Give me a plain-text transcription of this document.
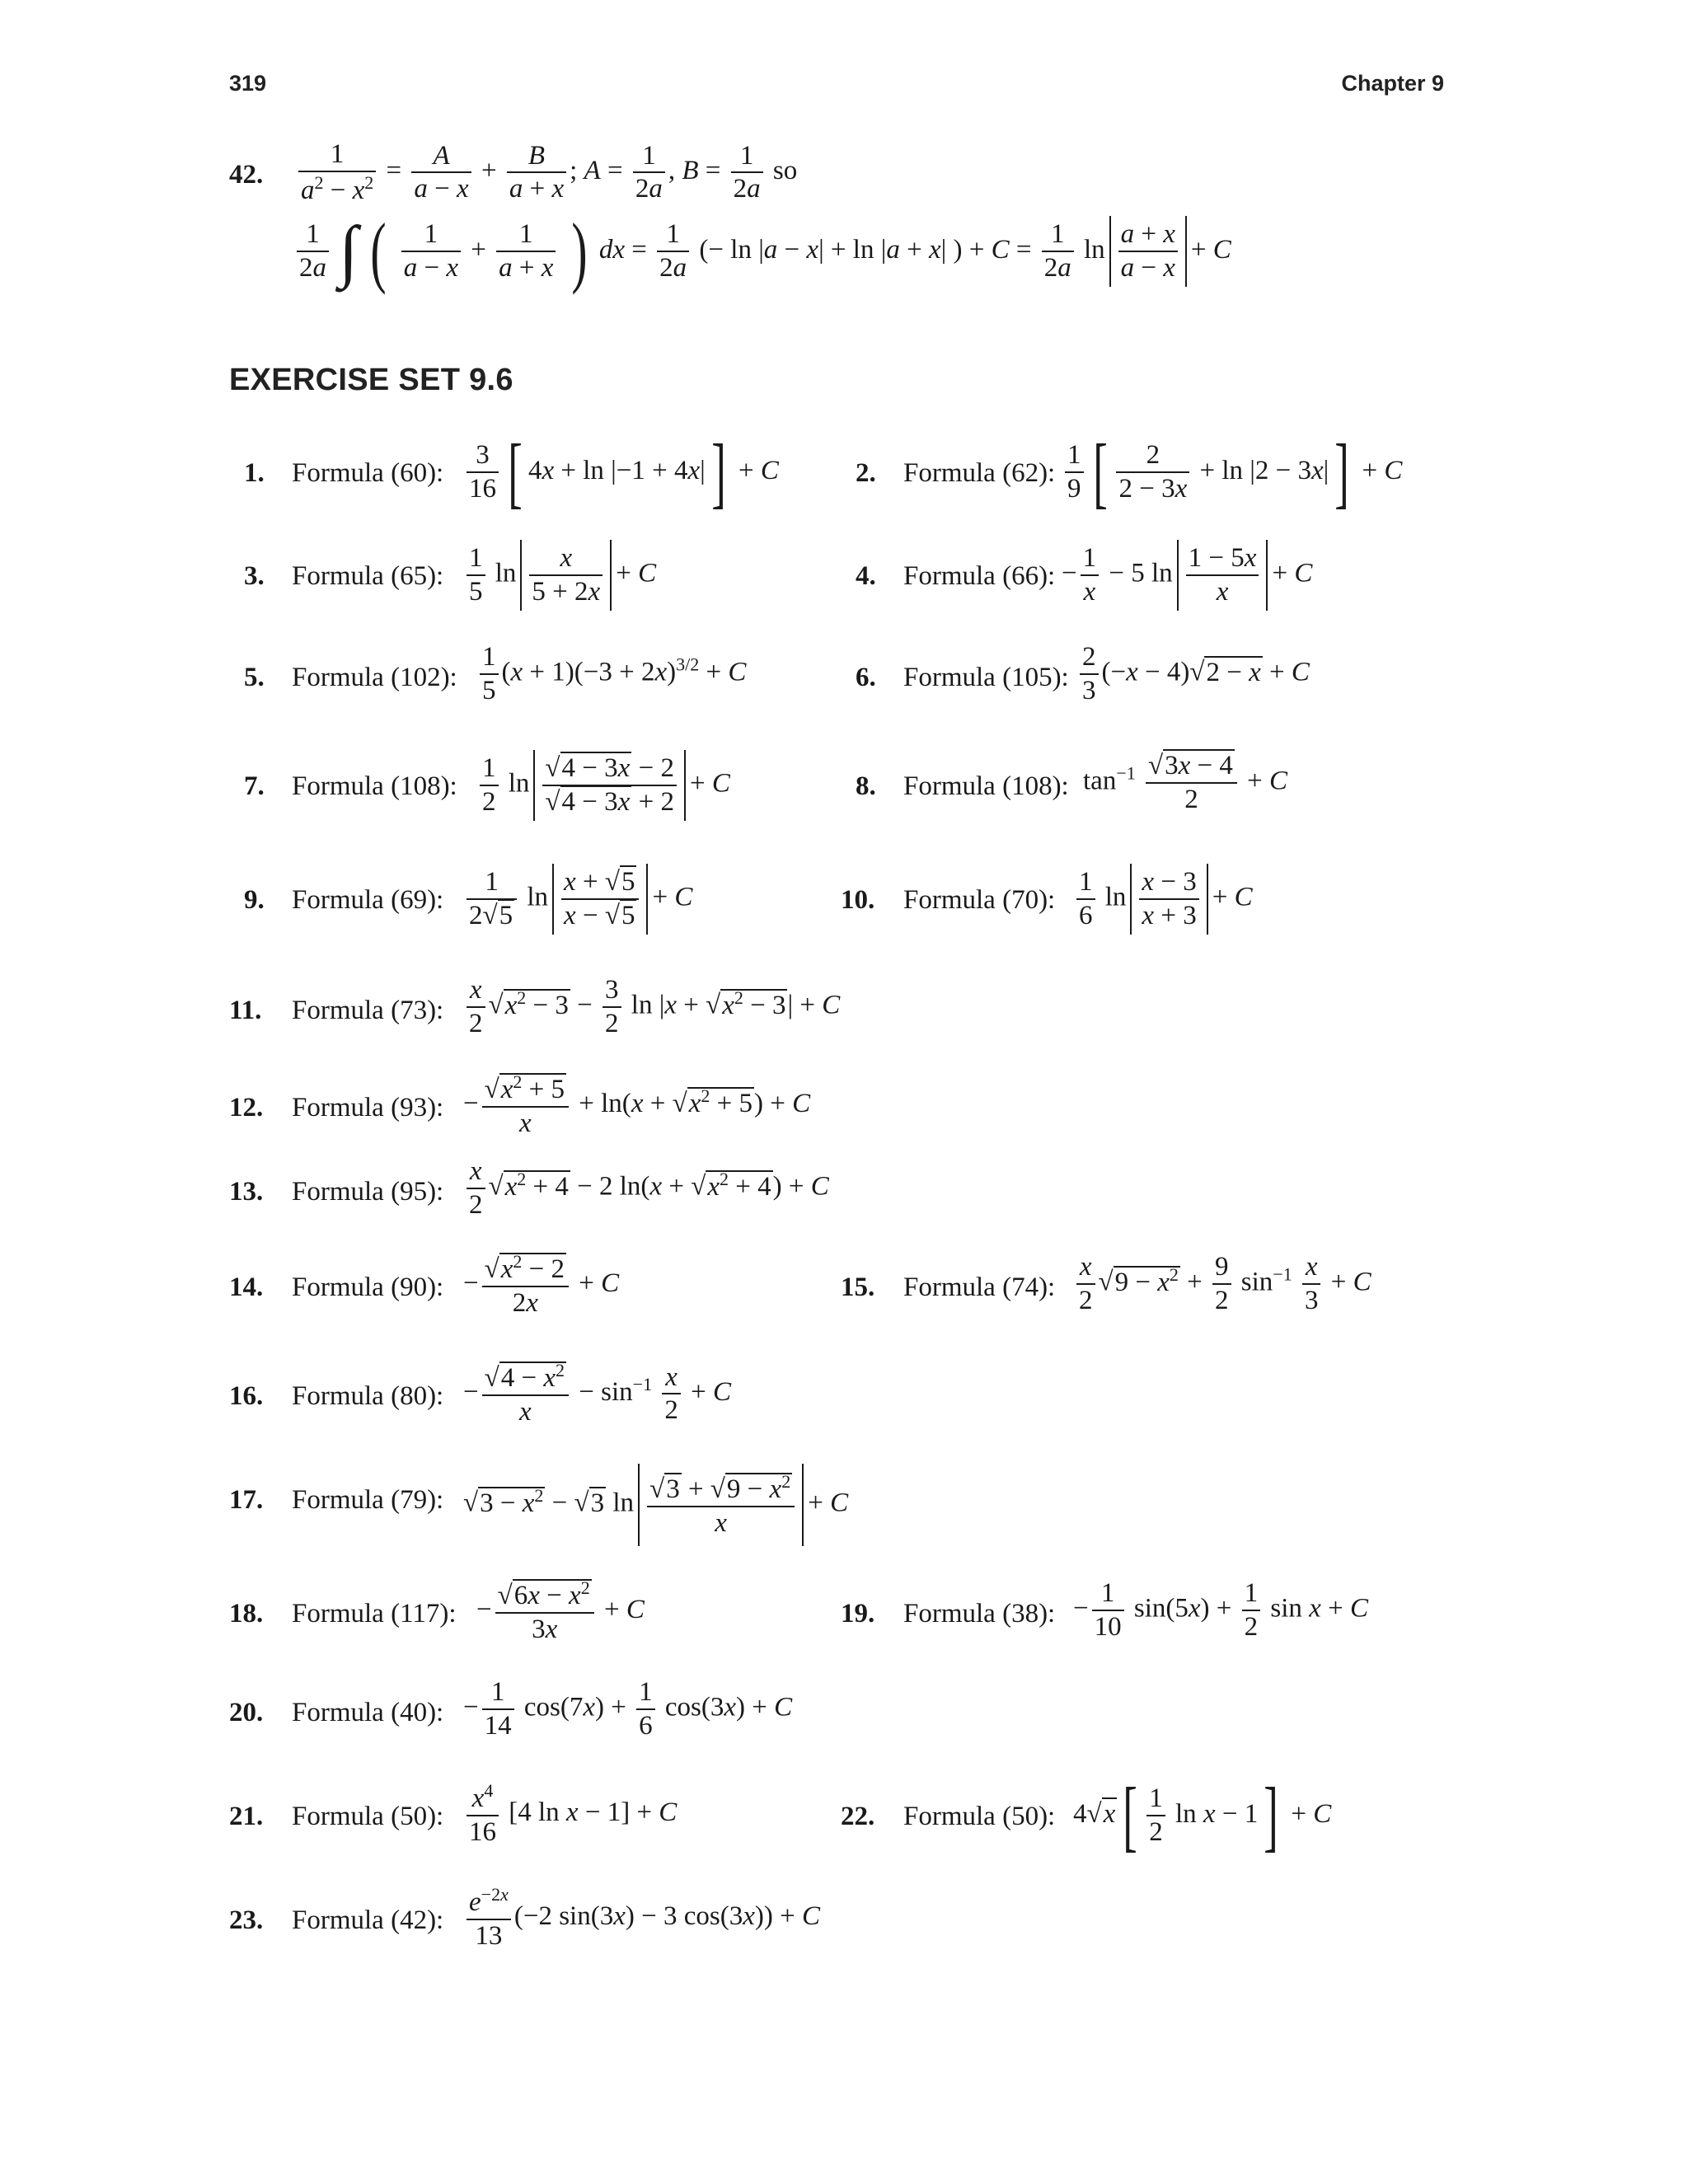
319	Chapter 9
42. $\frac{1}{a^2 - x^2} = \frac{A}{a - x} + \frac{B}{a + x}$ ; $A = \frac{1}{2a}$ , $B = \frac{1}{2a}$ so
$\frac{1}{2a}$ ∫ ( $\frac{1}{a - x} + \frac{1}{a + x}$ ) dx = $\frac{1}{2a}$ (− ln |a − x| + ln |a + x| ) + $C = \frac{1}{2a}$ $\ln \frac{a + x}{a - x} + C$
EXERCISE SET 9.6
1. Formula (60): $\frac{3}{16}$ [ 4x + ln |−1 + 4x|] + C	2. Formula (62): $\frac{1}{9}$ [ $\frac{2}{2 - 3x} + \ln |2 - 3x|] + C$
3. Formula (65): $\frac{1}{5}$ $\ln \frac{x}{5 + 2x} + C$	4. Formula (66): − $\frac{1}{x} - 5$ $\ln \frac{1 - 5x}{x} + C$
5. Formula (102): $\frac{1}{5} (x + 1)(-3 + 2x)^{3/2} + C$	6. Formula (105): $\frac{2}{3} (-x - 4)√2 - x + C$
7. Formula (108): $\frac{1}{2}$ $\ln \frac{√4 - 3x - 2}{√4 - 3x + 2} + C$	8. Formula (108): $\tan^{-1} \frac{√3x - 4}{2} + C$
9. Formula (69): $\frac{1}{2√5}$ $\ln \frac{x + √5}{x - √5} + C$	10. Formula (70): $\frac{1}{6}$ $\ln \frac{x - 3}{x + 3} + C$
11. Formula (73): $\frac{x}{2} √x^2 - 3 - \frac{3}{2}$ $\ln |x + √x^2 - 3| + C$
12. Formula (93): − $\frac{√x^2 + 5}{x} + \ln(x + √x^2 + 5) + C$
13. Formula (95): $\frac{x}{2} √x^2 + 4 - 2$ $\ln(x + √x^2 + 4) + C$
14. Formula (90): − $\frac{√x^2 - 2}{2x} + C$	15. Formula (74): $\frac{x}{2} √9 - x^2 + \frac{9}{2} \sin^{-1} \frac{x}{3} + C$
16. Formula (80): − $\frac{√4 - x^2}{x} - \sin^{-1} \frac{x}{2} + C$
17. Formula (79): $√3 - x^2 - √3$ $\ln \frac{√3 + √9 - x^2}{x} + C$
18. Formula (117): − $\frac{√6x - x^2}{3x} + C$	19. Formula (38): − $\frac{1}{10} \sin(5x) + \frac{1}{2}$ sin x + C
20. Formula (40): − $\frac{1}{14} \cos(7x) + \frac{1}{6} \cos(3x) + C$
21. Formula (50): $\frac{x^4}{16} [4$ ln x − 1] + C	22. Formula (50): $4√x[ \frac{1}{2}$ ln x − 1] + C
23. Formula (42): $\frac{e^{-2x}}{13} (-2$ sin(3x) − 3 cos(3x)) + C
